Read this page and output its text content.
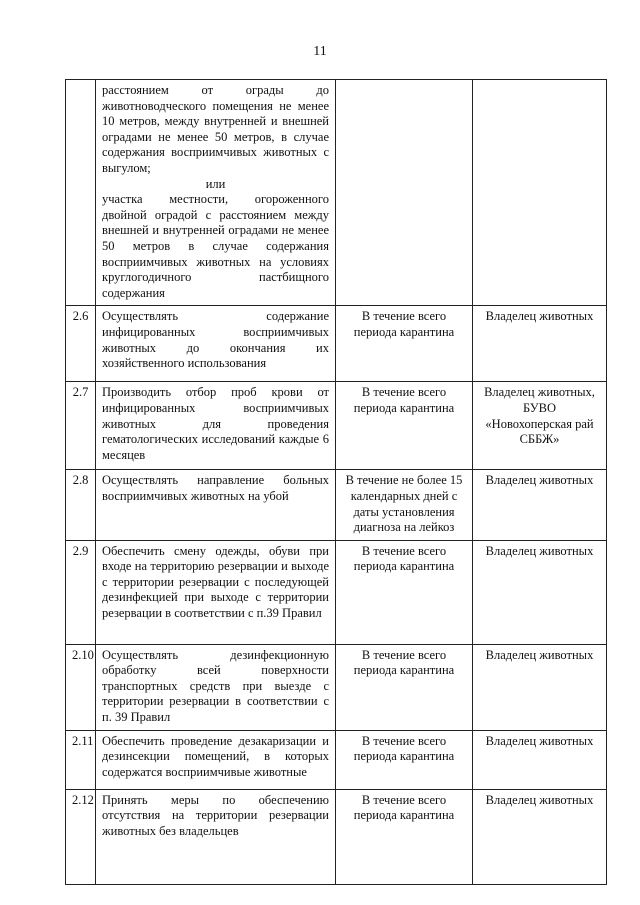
11

	расстоянием от ограды до животноводческого помещения не менее 10 метров, между внутренней и внешней оградами не менее 50 метров, в случае содержания восприимчивых животных с выгулом;
или
участка местности, огороженного двойной оградой с расстоянием между внешней и внутренней оградами не менее 50 метров в случае содержания восприимчивых животных на условиях круглогодичного пастбищного содержания		

2.6	Осуществлять содержание инфицированных восприимчивых животных до окончания их хозяйственного использования	В течение всего периода карантина	Владелец животных
2.7	Производить отбор проб крови от инфицированных восприимчивых животных для проведения гематологических исследований каждые 6 месяцев	В течение всего периода карантина	Владелец животных, БУВО «Новохоперская рай СББЖ»
2.8	Осуществлять направление больных восприимчивых животных на убой	В течение не более 15 календарных дней с даты установления диагноза на лейкоз	Владелец животных
2.9	Обеспечить смену одежды, обуви при входе на территорию резервации и выходе с территории резервации с последующей дезинфекцией при выходе с территории резервации в соответствии с п.39 Правил	В течение всего периода карантина	Владелец животных
2.10	Осуществлять дезинфекционную обработку всей поверхности транспортных средств при выезде с территории резервации в соответствии с п. 39 Правил	В течение всего периода карантина	Владелец животных
2.11	Обеспечить проведение дезакаризации и дезинсекции помещений, в которых содержатся восприимчивые животные	В течение всего периода карантина	Владелец животных
2.12	Принять меры по обеспечению отсутствия на территории резервации животных без владельцев	В течение всего периода карантина	Владелец животных
